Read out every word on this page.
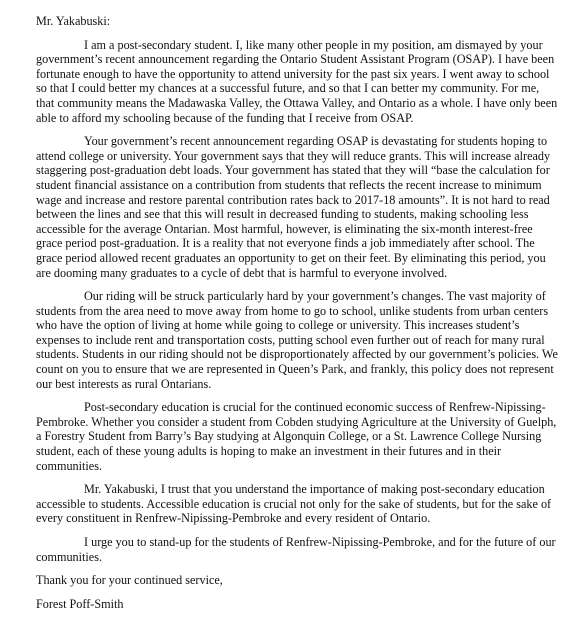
Mr. Yakabuski:

I am a post-secondary student. I, like many other people in my position, am dismayed by your government’s recent announcement regarding the Ontario Student Assistant Program (OSAP). I have been fortunate enough to have the opportunity to attend university for the past six years. I went away to school so that I could better my chances at a successful future, and so that I can better my community. For me, that community means the Madawaska Valley, the Ottawa Valley, and Ontario as a whole. I have only been able to afford my schooling because of the funding that I receive from OSAP.

Your government’s recent announcement regarding OSAP is devastating for students hoping to attend college or university. Your government says that they will reduce grants. This will increase already staggering post-graduation debt loads. Your government has stated that they will “base the calculation for student financial assistance on a contribution from students that reflects the recent increase to minimum wage and increase and restore parental contribution rates back to 2017-18 amounts”. It is not hard to read between the lines and see that this will result in decreased funding to students, making schooling less accessible for the average Ontarian. Most harmful, however, is eliminating the six-month interest-free grace period post-graduation. It is a reality that not everyone finds a job immediately after school. The grace period allowed recent graduates an opportunity to get on their feet. By eliminating this period, you are dooming many graduates to a cycle of debt that is harmful to everyone involved.

Our riding will be struck particularly hard by your government’s changes. The vast majority of students from the area need to move away from home to go to school, unlike students from urban centers who have the option of living at home while going to college or university. This increases student’s expenses to include rent and transportation costs, putting school even further out of reach for many rural students. Students in our riding should not be disproportionately affected by our government’s policies. We count on you to ensure that we are represented in Queen’s Park, and frankly, this policy does not represent our best interests as rural Ontarians.

Post-secondary education is crucial for the continued economic success of Renfrew-Nipissing-Pembroke. Whether you consider a student from Cobden studying Agriculture at the University of Guelph, a Forestry Student from Barry’s Bay studying at Algonquin College, or a St. Lawrence College Nursing student, each of these young adults is hoping to make an investment in their futures and in their communities.

Mr. Yakabuski, I trust that you understand the importance of making post-secondary education accessible to students. Accessible education is crucial not only for the sake of students, but for the sake of every constituent in Renfrew-Nipissing-Pembroke and every resident of Ontario.

I urge you to stand-up for the students of Renfrew-Nipissing-Pembroke, and for the future of our communities.

Thank you for your continued service,

Forest Poff-Smith
